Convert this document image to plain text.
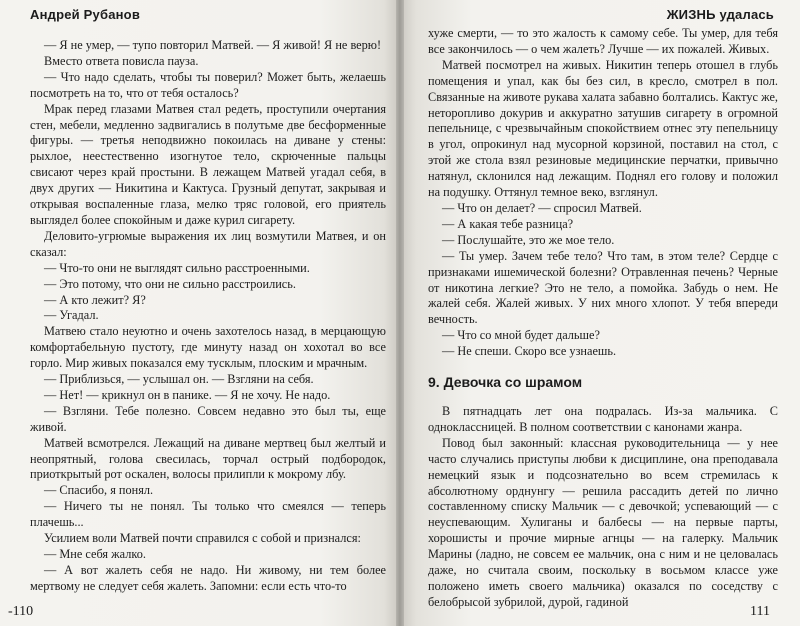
Андрей Рубанов

— Я не умер, — тупо повторил Матвей. — Я живой! Я не верю!

Вместо ответа повисла пауза.

— Что надо сделать, чтобы ты поверил? Может быть, желаешь посмотреть на то, что от тебя осталось?

Мрак перед глазами Матвея стал редеть, проступили очертания стен, мебели, медленно задвигались в полутьме две бесформенные фигуры. — третья неподвижно покоилась на диване у стены: рыхлое, неестественно изогнутое тело, скрюченные пальцы свисают через край простыни. В лежащем Матвей угадал себя, в двух других — Никитина и Кактуса. Грузный депутат, закрывая и открывая воспаленные глаза, мелко тряс головой, его приятель выглядел более спокойным и даже курил сигарету.

Деловито-угрюмые выражения их лиц возмутили Матвея, и он сказал:

— Что-то они не выглядят сильно расстроенными.

— Это потому, что они не сильно расстроились.

— А кто лежит? Я?

— Угадал.

Матвею стало неуютно и очень захотелось назад, в мерцающую комфортабельную пустоту, где минуту назад он хохотал во все горло. Мир живых показался ему тусклым, плоским и мрачным.

— Приблизься, — услышал он. — Взгляни на себя.

— Нет! — крикнул он в панике. — Я не хочу. Не надо.

— Взгляни. Тебе полезно. Совсем недавно это был ты, еще живой.

Матвей всмотрелся. Лежащий на диване мертвец был желтый и неопрятный, голова свесилась, торчал острый подбородок, приоткрытый рот оскален, волосы прилипли к мокрому лбу.

— Спасибо, я понял.

— Ничего ты не понял. Ты только что смеялся — теперь плачешь...

Усилием воли Матвей почти справился с собой и признался:

— Мне себя жалко.

— А вот жалеть себя не надо. Ни живому, ни тем более мертвому не следует себя жалеть. Запомни: если есть что-то

-110
ЖИЗНЬ удалась

хуже смерти, — то это жалость к самому себе. Ты умер, для тебя все закончилось — о чем жалеть? Лучше — их пожалей. Живых.

Матвей посмотрел на живых. Никитин теперь отошел в глубь помещения и упал, как бы без сил, в кресло, смотрел в пол. Связанные на животе рукава халата забавно болтались. Кактус же, неторопливо докурив и аккуратно затушив сигарету в огромной пепельнице, с чрезвычайным спокойствием отнес эту пепельницу в угол, опрокинул над мусорной корзиной, поставил на стол, с этой же стола взял резиновые медицинские перчатки, привычно натянул, склонился над лежащим. Поднял его голову и положил на подушку. Оттянул темное веко, взглянул.

— Что он делает? — спросил Матвей.

— А какая тебе разница?

— Послушайте, это же мое тело.

— Ты умер. Зачем тебе тело? Что там, в этом теле? Сердце с признаками ишемической болезни? Отравленная печень? Черные от никотина легкие? Это не тело, а помойка. Забудь о нем. Не жалей себя. Жалей живых. У них много хлопот. У тебя впереди вечность.

— Что со мной будет дальше?

— Не спеши. Скоро все узнаешь.

9. Девочка со шрамом

В пятнадцать лет она подралась. Из-за мальчика. С одноклассницей. В полном соответствии с канонами жанра.

Повод был законный: классная руководительница — у нее часто случались приступы любви к дисциплине, она преподавала немецкий язык и подсознательно во всем стремилась к абсолютному орднунгу — решила рассадить детей по лично составленному списку Мальчик — с девочкой; успевающий — с неуспевающим. Хулиганы и балбесы — на первые парты, хорошисты и прочие мирные агнцы — на галерку. Мальчик Марины (ладно, не совсем ее мальчик, она с ним и не целовалась даже, но считала своим, поскольку в восьмом классе уже положено иметь своего мальчика) оказался по соседству с белобрысой зубрилой, дурой, гадиной

111
